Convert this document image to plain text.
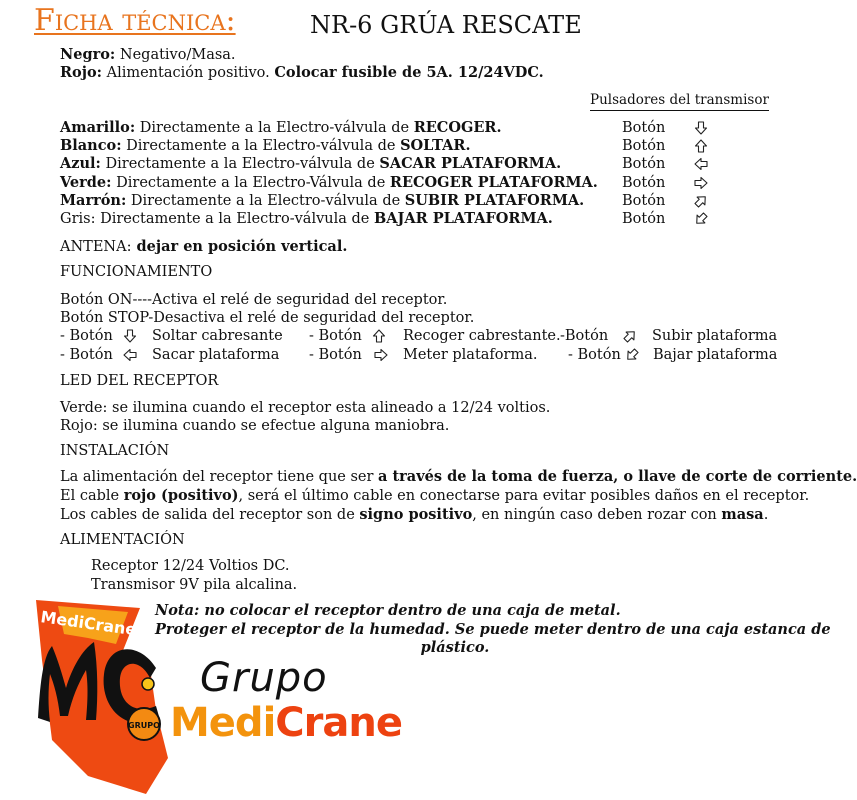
Ficha técnica:	NR-6 GRÚA RESCATE
Negro: Negativo/Masa.
Rojo: Alimentación positivo. Colocar fusible de 5A. 12/24VDC.
Pulsadores del transmisor
Amarillo: Directamente a la Electro-válvula de RECOGER.	Botón
Blanco: Directamente a la Electro-válvula de SOLTAR.	Botón
Azul: Directamente a la Electro-válvula de SACAR PLATAFORMA.	Botón
Verde: Directamente a la Electro-Válvula de RECOGER PLATAFORMA. Botón
Marrón: Directamente a la Electro-válvula de SUBIR PLATAFORMA.	Botón
Gris: Directamente a la Electro-válvula de BAJAR PLATAFORMA.	Botón
ANTENA: dejar en posición vertical.
FUNCIONAMIENTO
Botón ON----Activa el relé de seguridad del receptor.
Botón STOP-Desactiva el relé de seguridad del receptor.
- Botón	Soltar cabresante - Botón	Recoger cabrestante. -Botón	Subir plataforma
- Botón	Sacar plataforma - Botón	Meter plataforma. - Botón Bajar plataforma
LED DEL RECEPTOR
Verde: se ilumina cuando el receptor esta alineado a 12/24 voltios.
Rojo: se ilumina cuando se efectue alguna maniobra.
INSTALACIÓN
La alimentación del receptor tiene que ser a través de la toma de fuerza, o llave de corte de corriente.
El cable rojo (positivo), será el último cable en conectarse para evitar posibles daños en el receptor.
Los cables de salida del receptor son de signo positivo, en ningún caso deben rozar con masa.
ALIMENTACIÓN
Receptor 12/24 Voltios DC.
Transmisor 9V pila alcalina.
Nota: no colocar el receptor dentro de una caja de metal.
Proteger el receptor de la humedad. Se puede meter dentro de una caja estanca de
plástico.
GRUPO
MediCrane
Grupo
MediCrane
